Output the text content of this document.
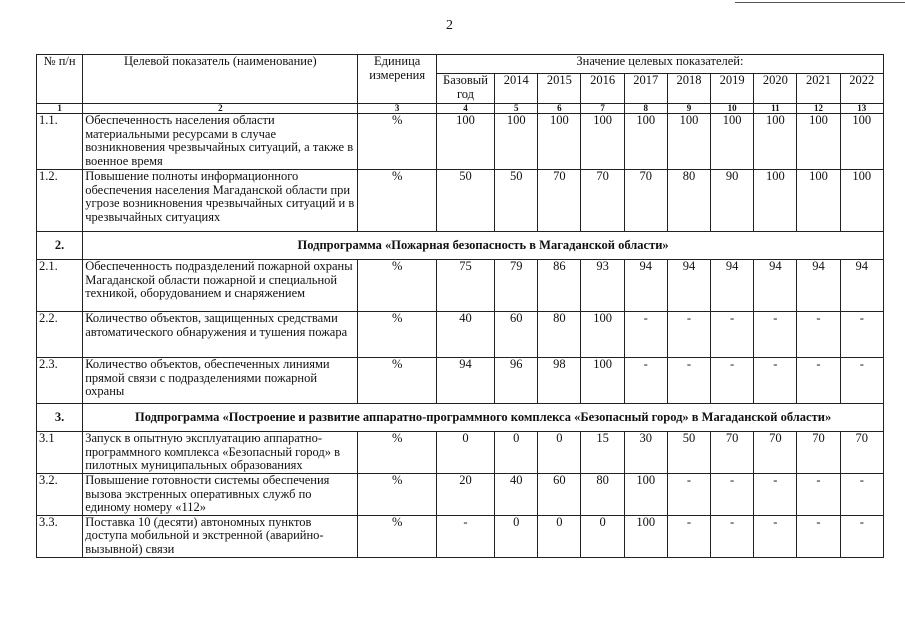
2
№ п/н	Целевой показатель (наименование)	Единица измерения	Значение целевых показателей:									
			Базовый год	2014	2015	2016	2017	2018	2019	2020	2021	2022
1	2	3	4	5	6	7	8	9	10	11	12	13
1.1.	Обеспеченность населения области материальными ресурсами в случае возникновения чрезвычайных ситуаций, а также в военное время	%	100	100	100	100	100	100	100	100	100	100
1.2.	Повышение полноты информационного обеспечения населения Магаданской области при угрозе возникновения чрезвычайных ситуаций и в чрезвычайных ситуациях	%	50	50	70	70	70	80	90	100	100	100
2.	Подпрограмма «Пожарная безопасность в Магаданской области»											
2.1.	Обеспеченность подразделений пожарной охраны Магаданской области пожарной и специальной техникой, оборудованием и снаряжением	%	75	79	86	93	94	94	94	94	94	94
2.2.	Количество объектов, защищенных средствами автоматического обнаружения и тушения пожара	%	40	60	80	100	-	-	-	-	-	-
2.3.	Количество объектов, обеспеченных линиями прямой связи с подразделениями пожарной охраны	%	94	96	98	100	-	-	-	-	-	-
3.	Подпрограмма «Построение и развитие аппаратно-программного комплекса «Безопасный город» в Магаданской области»											
3.1	Запуск в опытную эксплуатацию аппаратно-программного комплекса «Безопасный город» в пилотных муниципальных образованиях	%	0	0	0	15	30	50	70	70	70	70
3.2.	Повышение готовности системы обеспечения вызова экстренных оперативных служб по единому номеру «112»	%	20	40	60	80	100	-	-	-	-	-
3.3.	Поставка 10 (десяти) автономных пунктов доступа мобильной и экстренной (аварийно-вызывной) связи	%	-	0	0	0	100	-	-	-	-	-
